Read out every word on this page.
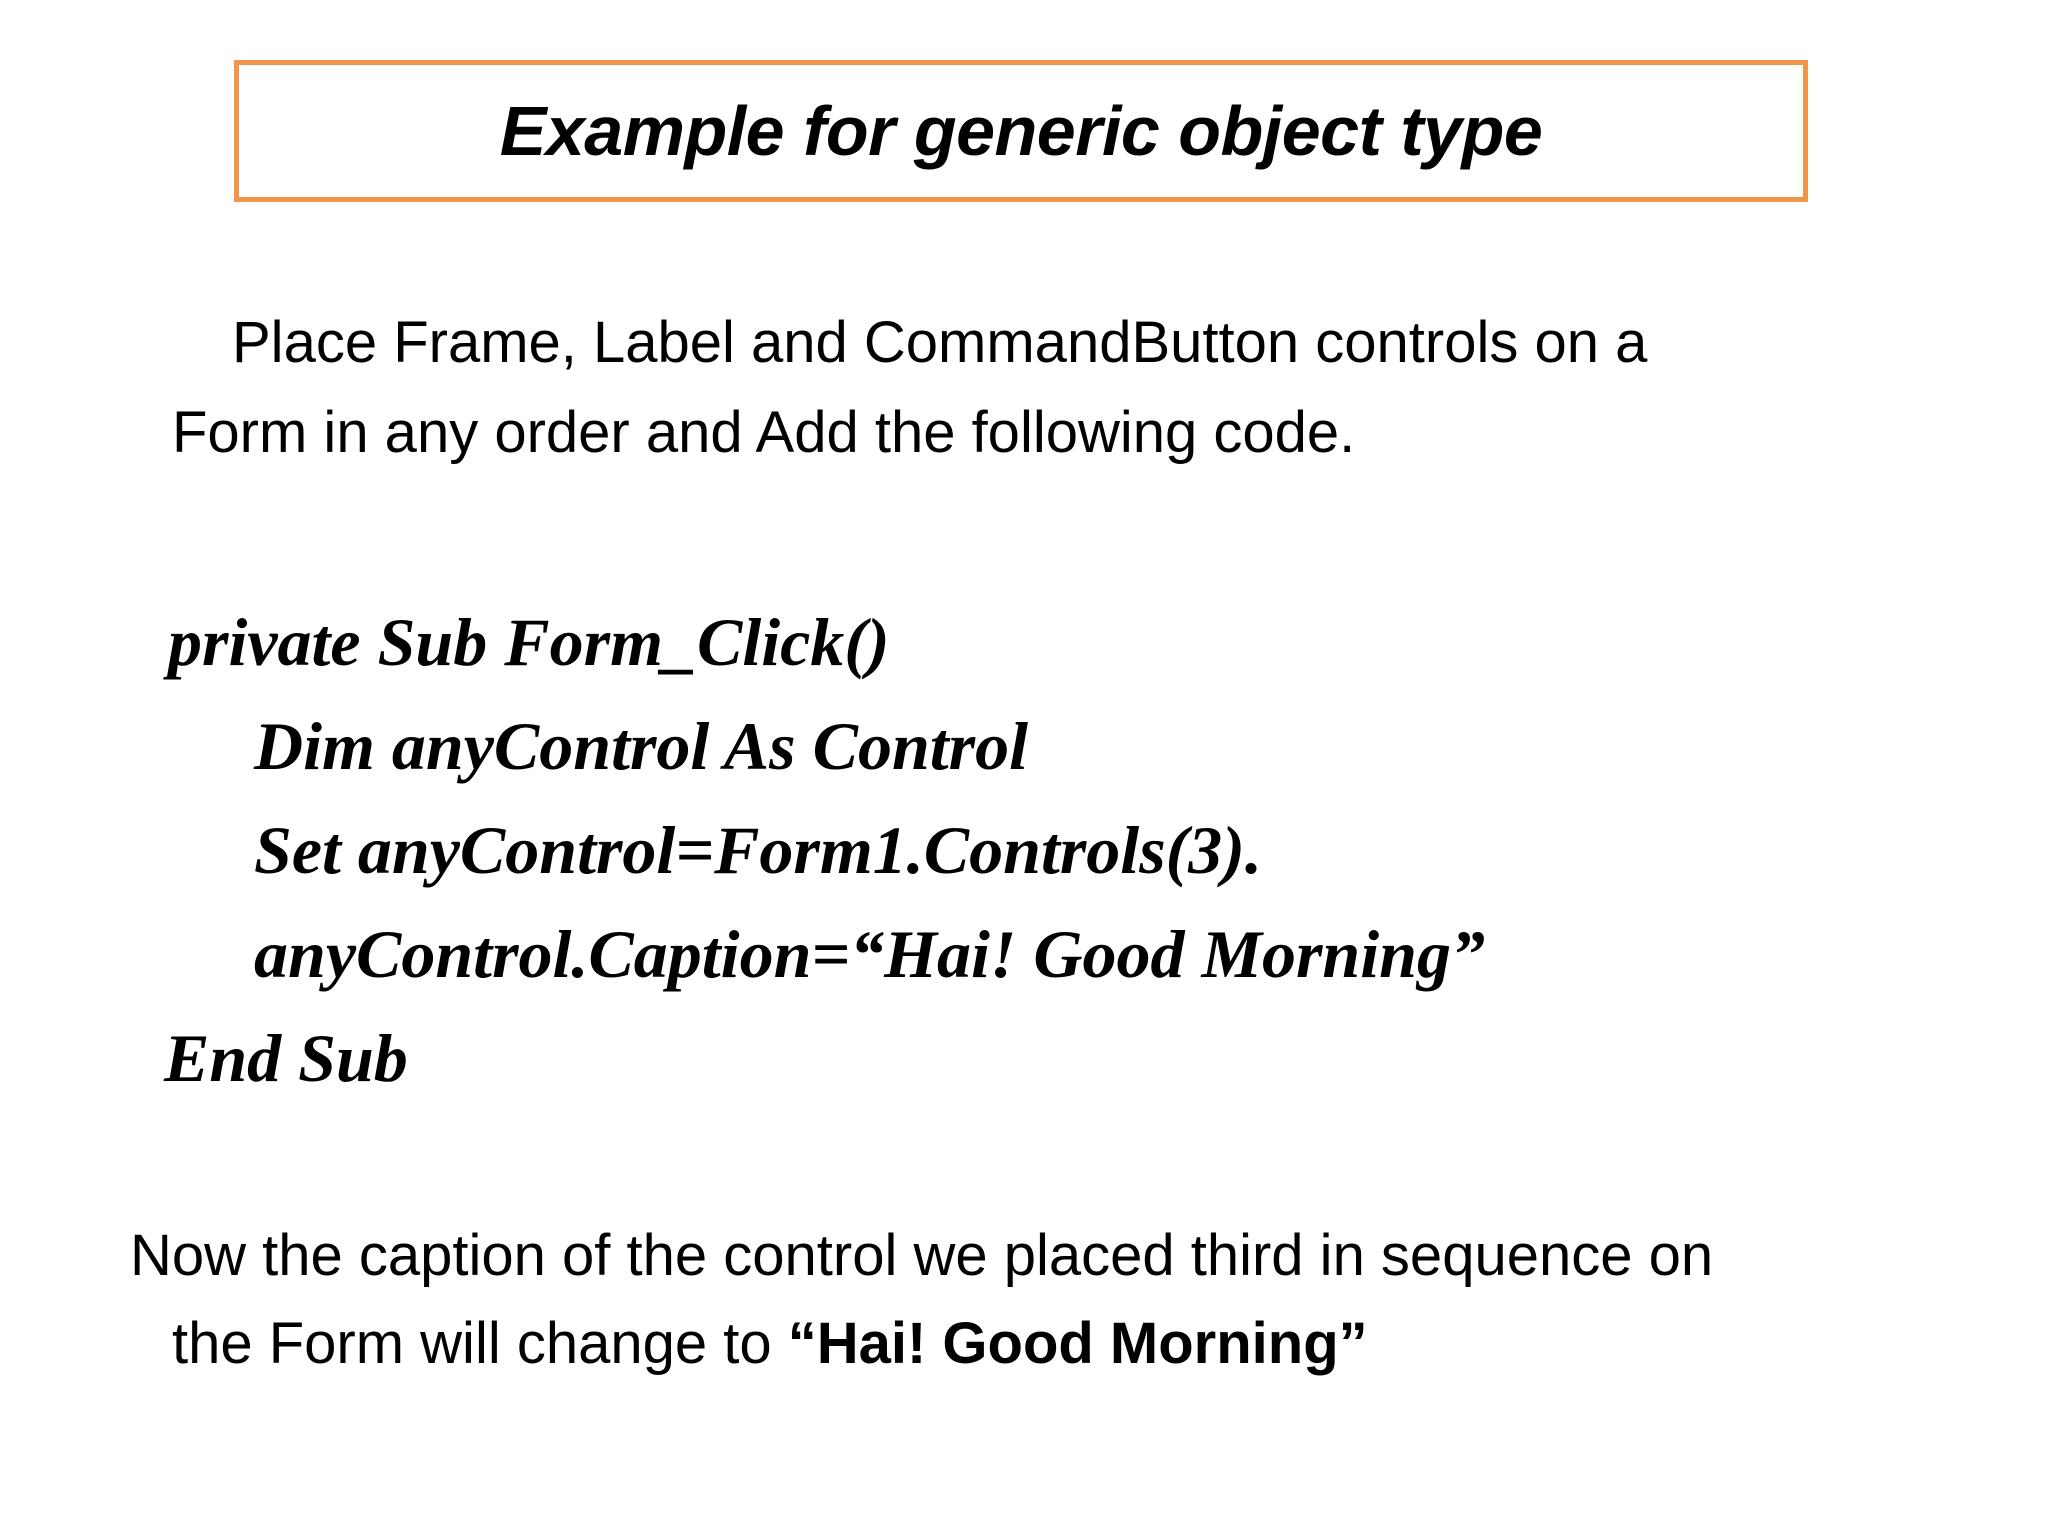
Example for generic object type
Place Frame, Label and CommandButton controls on a
Form in any order and Add the following code.
private Sub Form_Click()
Dim anyControl As Control
Set anyControl=Form1.Controls(3).
anyControl.Caption=“Hai! Good Morning”
End Sub
Now the caption of the control we placed third in sequence on
the Form will change to “Hai! Good Morning”
